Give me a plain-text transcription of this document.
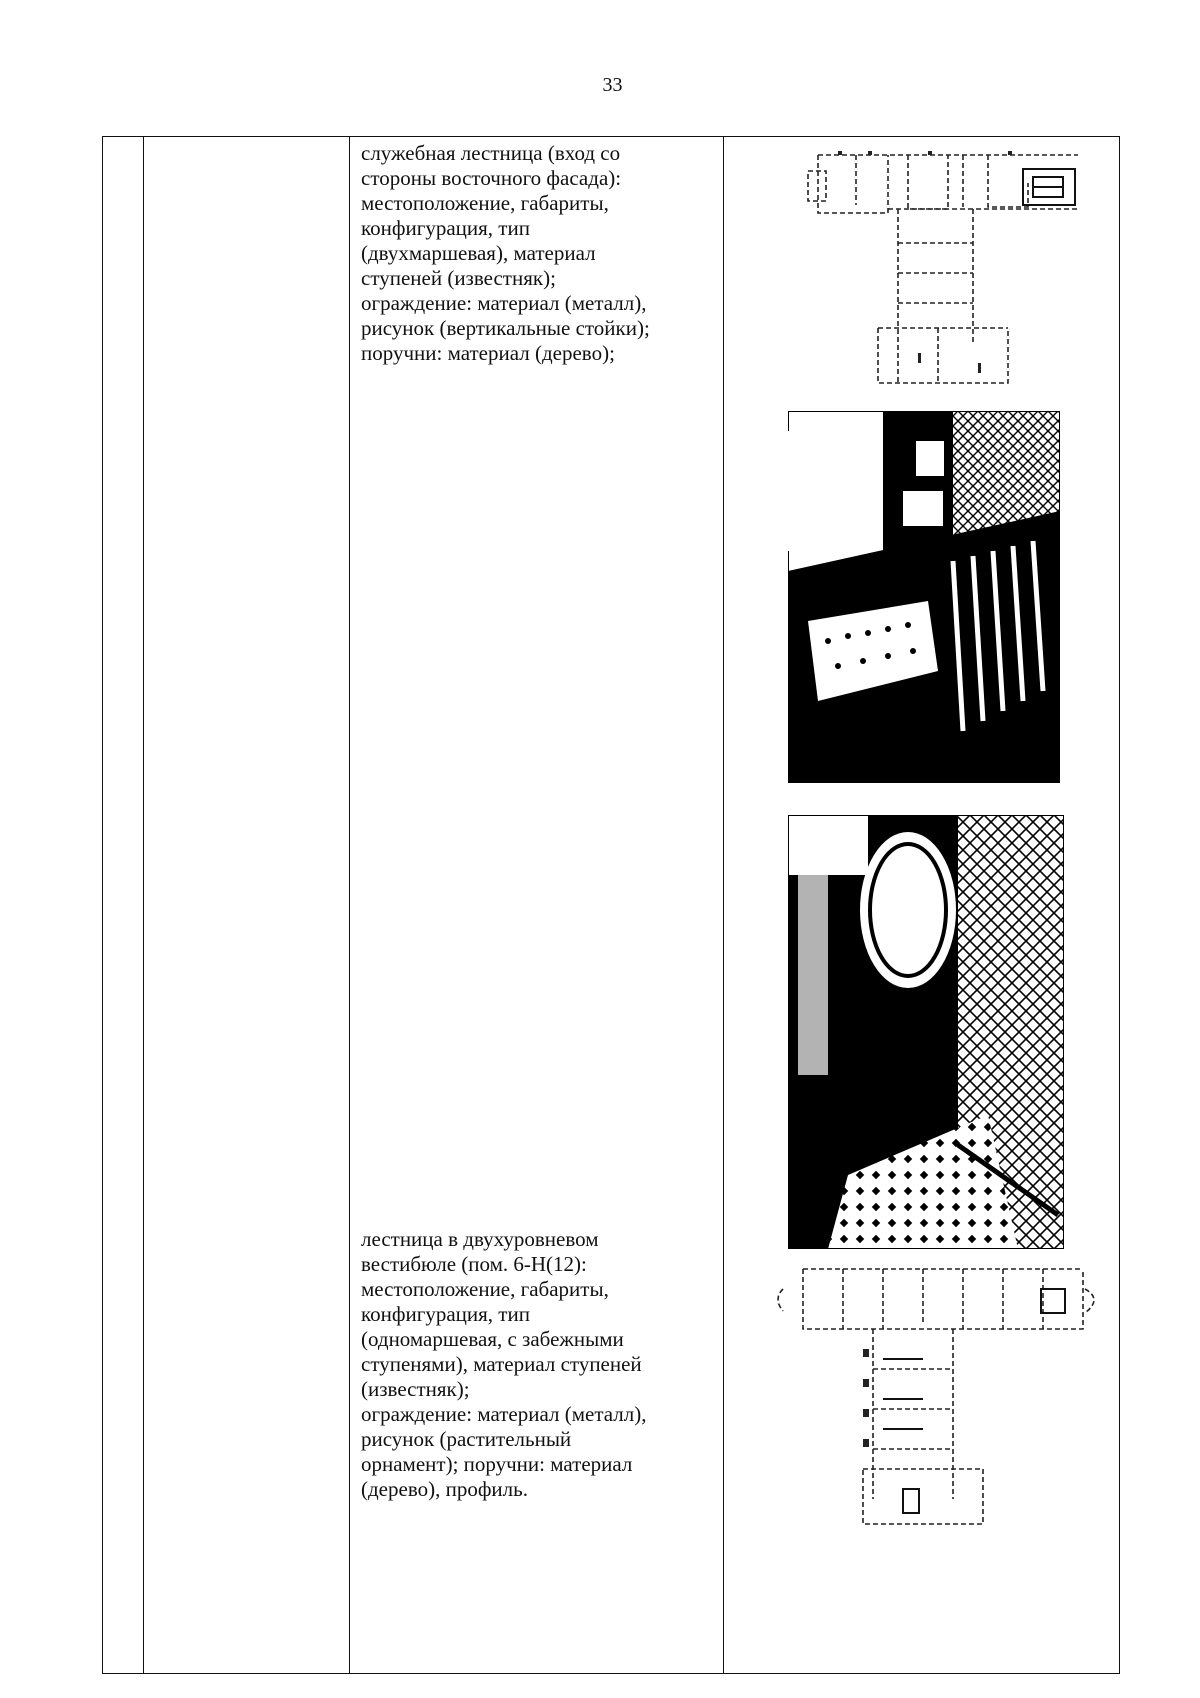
33
служебная лестница (вход со
стороны восточного фасада):
местоположение, габариты,
конфигурация, тип
(двухмаршевая), материал
ступеней (известняк);
ограждение: материал (металл),
рисунок (вертикальные стойки);
поручни: материал (дерево);
лестница в двухуровневом
вестибюле (пом. 6-Н(12):
местоположение, габариты,
конфигурация, тип
(одномаршевая, с забежными
ступенями), материал ступеней
(известняк);
ограждение: материал (металл),
рисунок (растительный
орнамент); поручни: материал
(дерево), профиль.
